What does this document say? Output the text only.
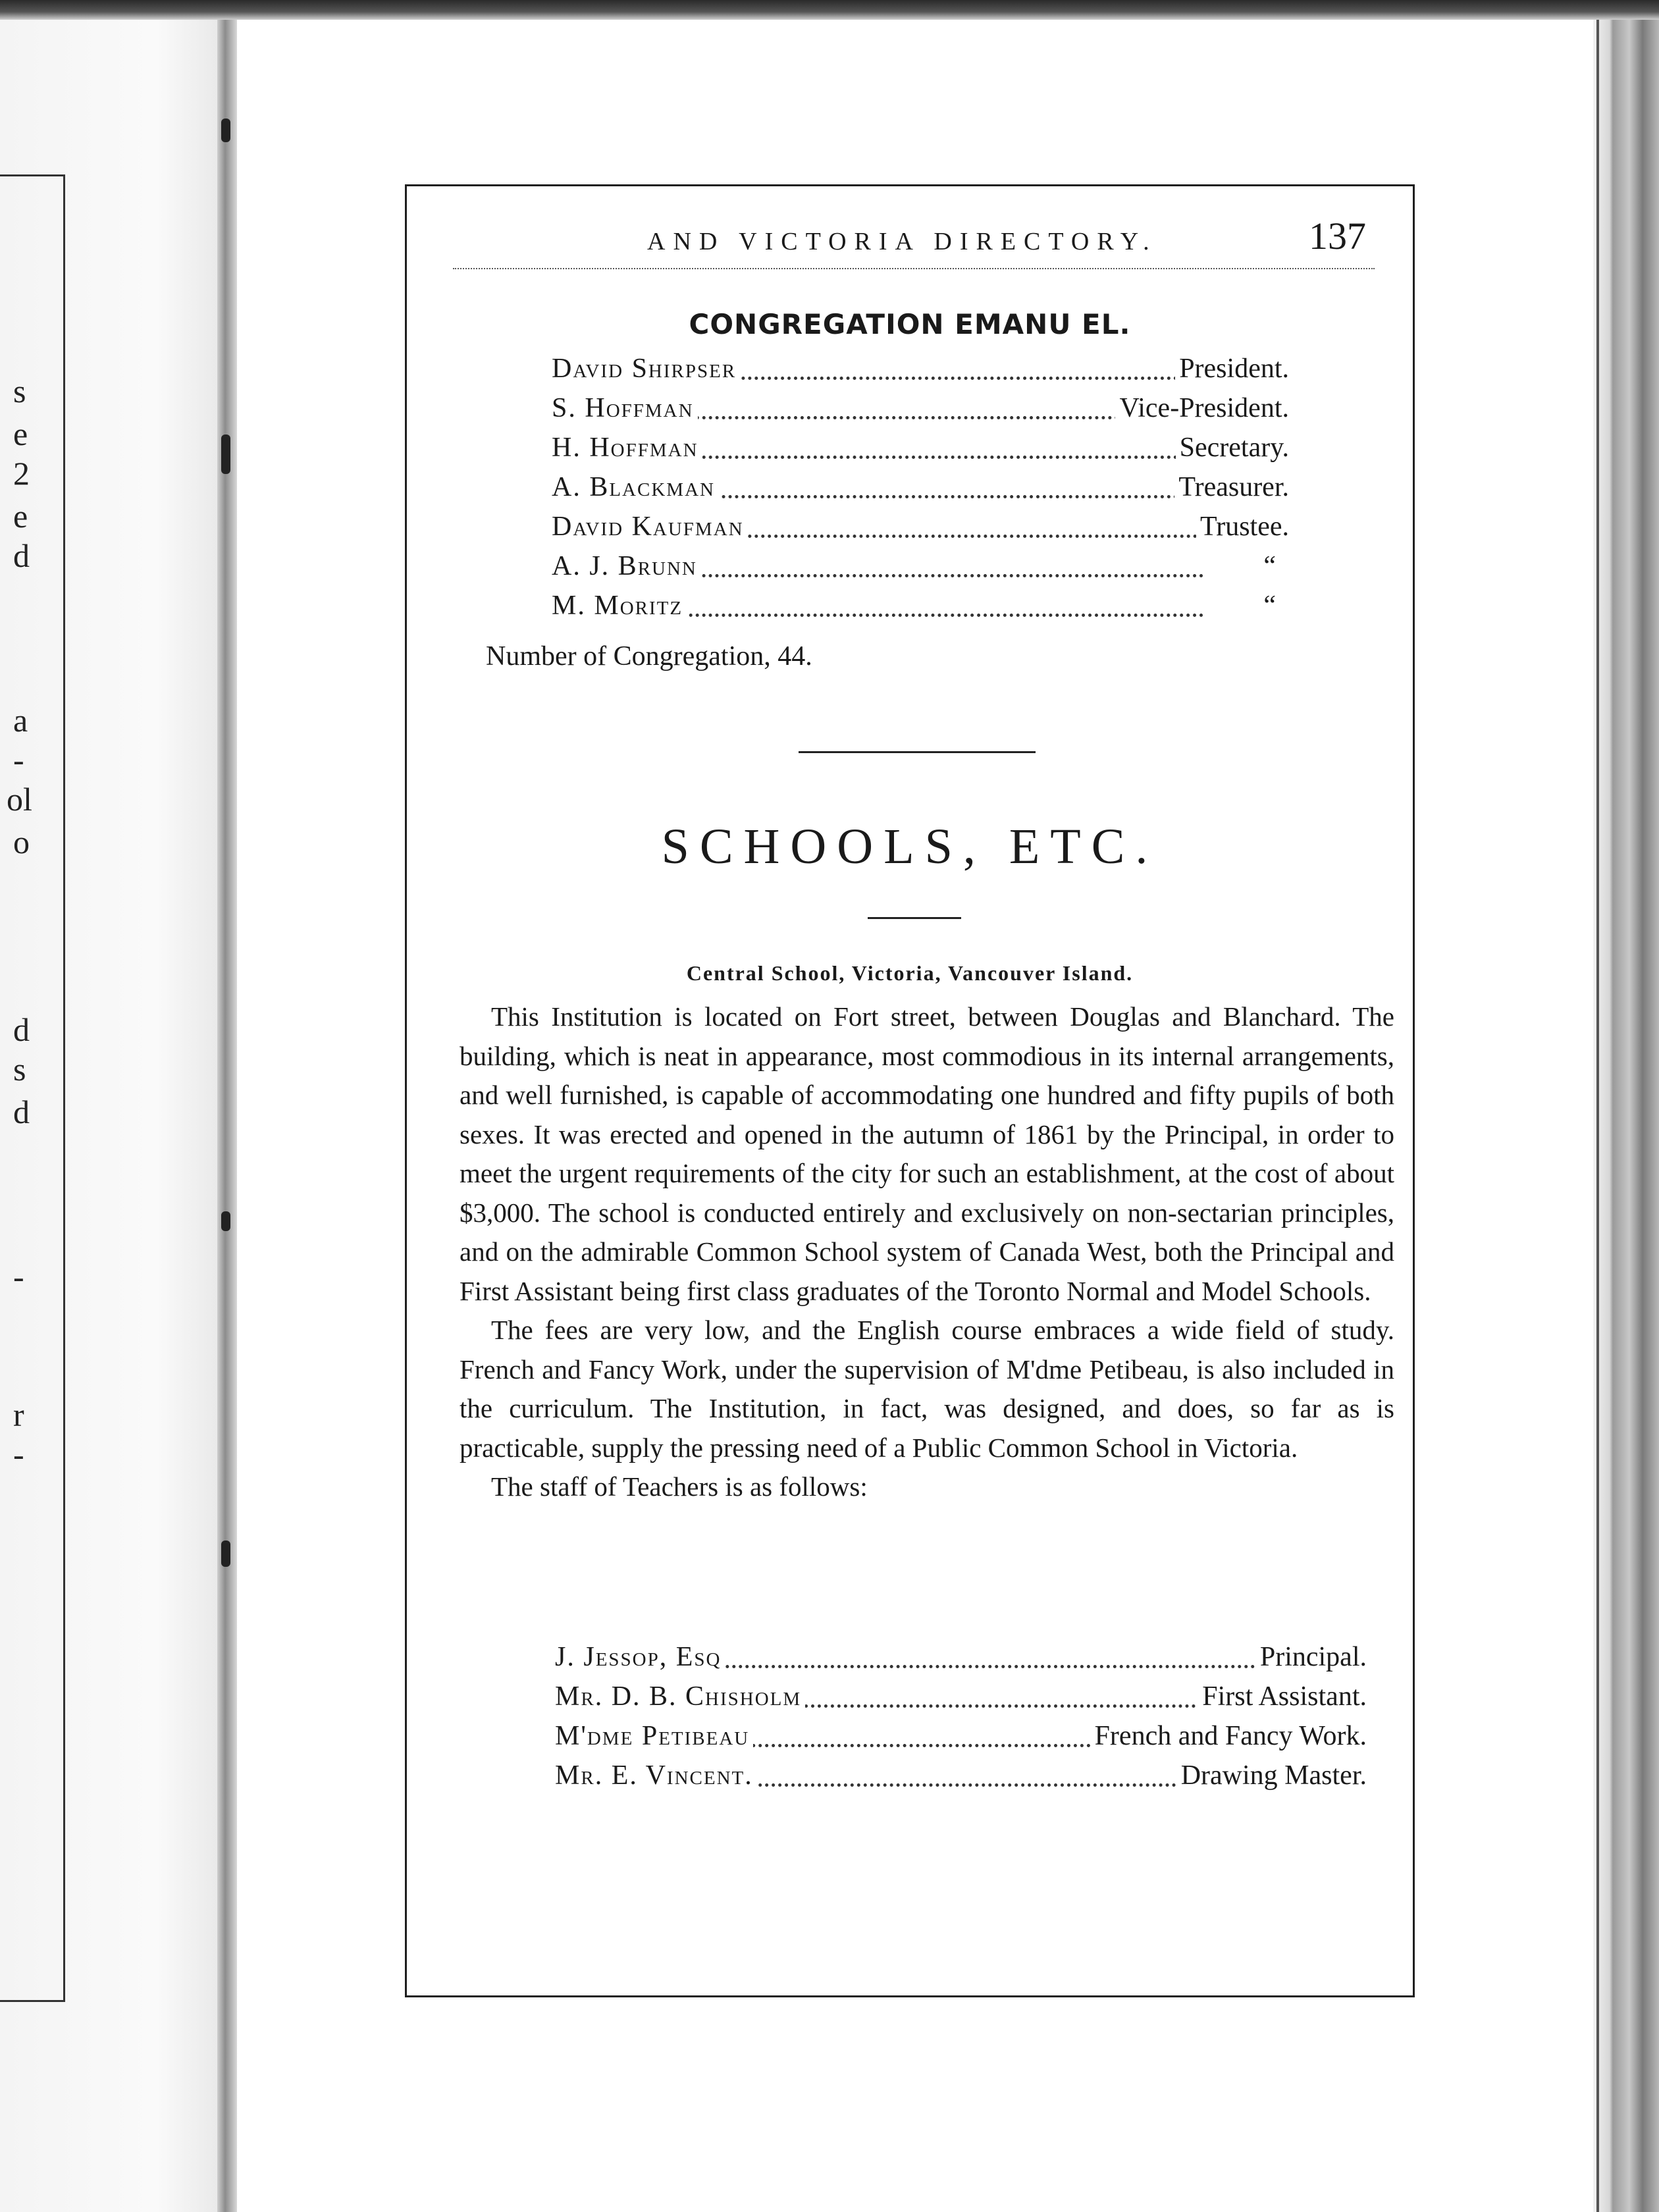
s
e
2
e
d
a
-
ol
o
d
s
d
-
r
-
AND VICTORIA DIRECTORY.	137
CONGREGATION EMANU EL.
David Shirpser	President.
S. Hoffman	Vice-President.
H. Hoffman	Secretary.
A. Blackman	Treasurer.
David Kaufman	Trustee.
A. J. Brunn	“
M. Moritz	“
Number of Congregation, 44.
SCHOOLS, ETC.
Central School, Victoria, Vancouver Island.

This Institution is located on Fort street, between Douglas and Blanchard. The building, which is neat in appearance, most commodious in its internal arrangements, and well furnished, is capable of accommodating one hundred and fifty pupils of both sexes. It was erected and opened in the autumn of 1861 by the Principal, in order to meet the urgent requirements of the city for such an establishment, at the cost of about $3,000. The school is conducted entirely and exclusively on non-sectarian principles, and on the admirable Common School system of Canada West, both the Principal and First Assistant being first class graduates of the Toronto Normal and Model Schools.

The fees are very low, and the English course embraces a wide field of study. French and Fancy Work, under the supervision of M'dme Petibeau, is also included in the curriculum. The Institution, in fact, was designed, and does, so far as is practicable, supply the pressing need of a Public Common School in Victoria.

The staff of Teachers is as follows:

J. Jessop, Esq	Principal.
Mr. D. B. Chisholm	First Assistant.
M'dme Petibeau	French and Fancy Work.
Mr. E. Vincent.	Drawing Master.
